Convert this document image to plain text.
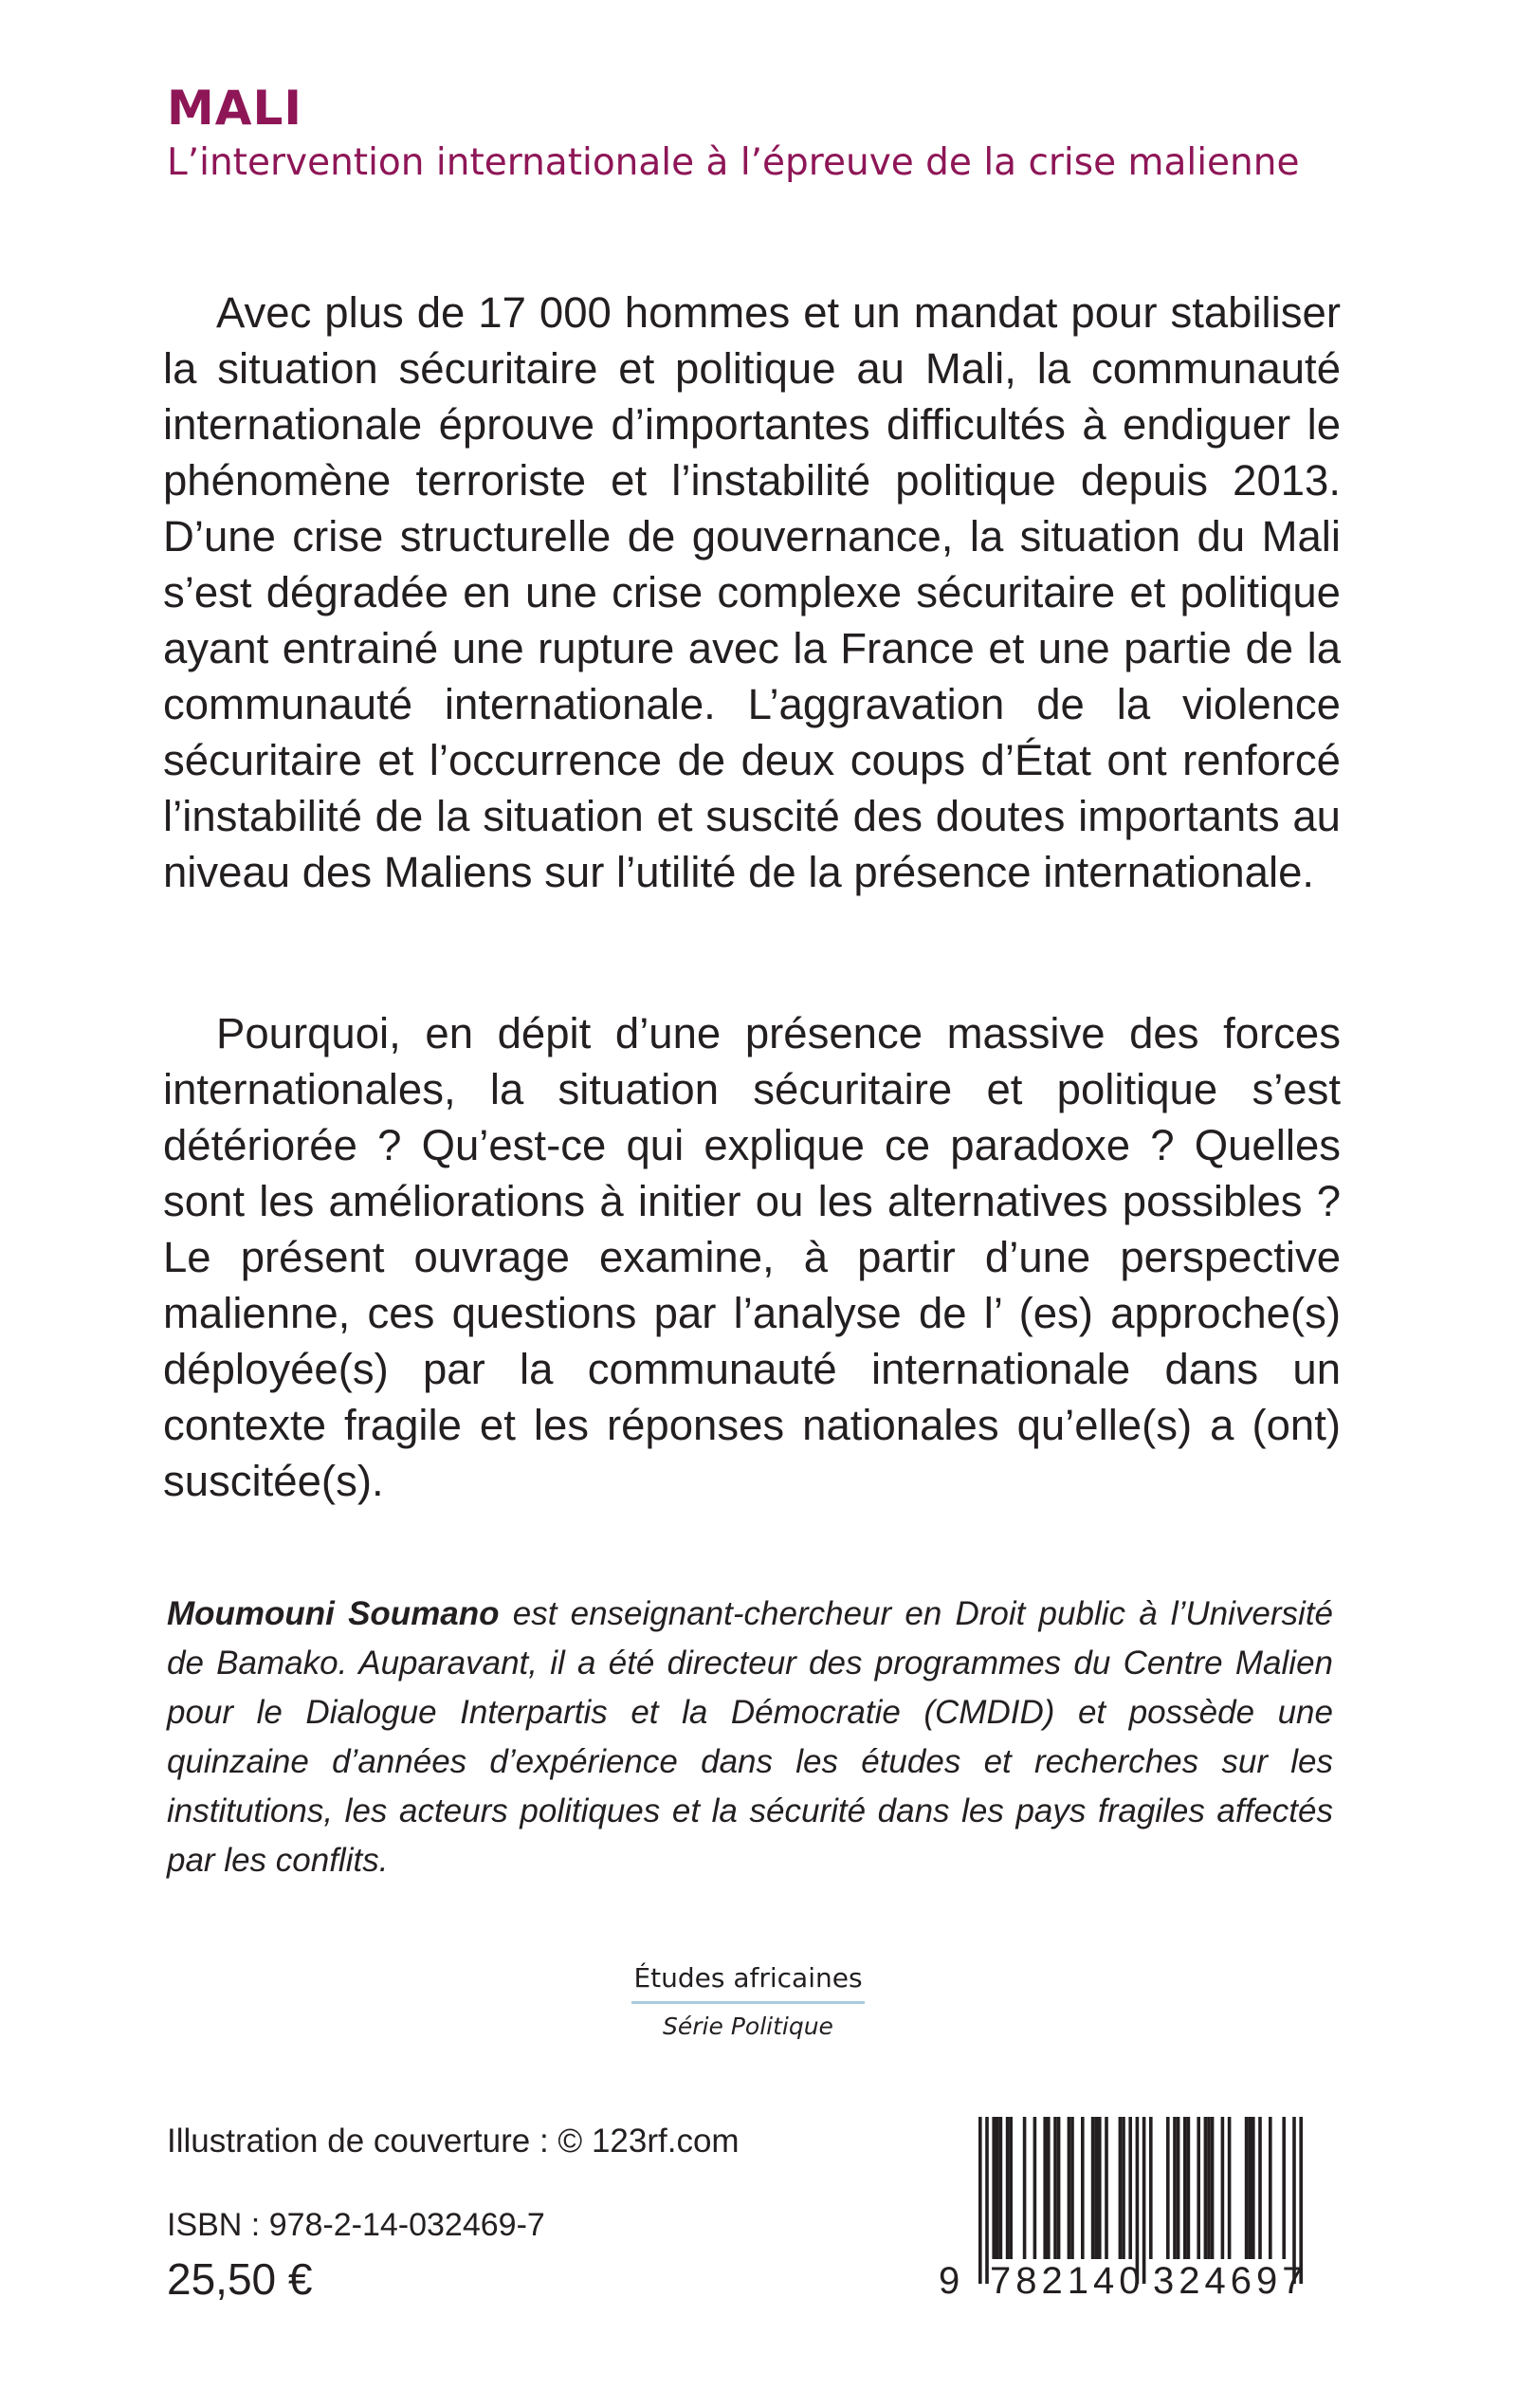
MALI

L’intervention internationale à l’épreuve de la crise malienne

Avec plus de 17 000 hommes et un mandat pour stabiliser la situation sécuritaire et politique au Mali, la communauté internationale éprouve d’importantes difficultés à endiguer le phénomène terroriste et l’instabilité politique depuis 2013. D’une crise structurelle de gouvernance, la situation du Mali s’est dégradée en une crise complexe sécuritaire et politique ayant entrainé une rupture avec la France et une partie de la communauté internationale. L’aggravation de la violence sécuritaire et l’occurrence de deux coups d’État ont renforcé l’instabilité de la situation et suscité des doutes importants au niveau des Maliens sur l’utilité de la présence internationale.

Pourquoi, en dépit d’une présence massive des forces internationales, la situation sécuritaire et politique s’est détériorée ? Qu’est-ce qui explique ce paradoxe ? Quelles sont les améliorations à initier ou les alternatives possibles ? Le présent ouvrage examine, à partir d’une perspective malienne, ces questions par l’analyse de l’ (es) approche(s) déployée(s) par la communauté internationale dans un contexte fragile et les réponses nationales qu’elle(s) a (ont) suscitée(s).

Moumouni Soumano est enseignant-chercheur en Droit public à l’Université de Bamako. Auparavant, il a été directeur des programmes du Centre Malien pour le Dialogue Interpartis et la Démocratie (CMDID) et possède une quinzaine d’années d’expérience dans les études et recherches sur les institutions, les acteurs politiques et la sécurité dans les pays fragiles affectés par les conflits.

Études africaines
Série Politique

Illustration de couverture : © 123rf.com

ISBN : 978-2-14-032469-7

25,50 €	9 782140 324697
